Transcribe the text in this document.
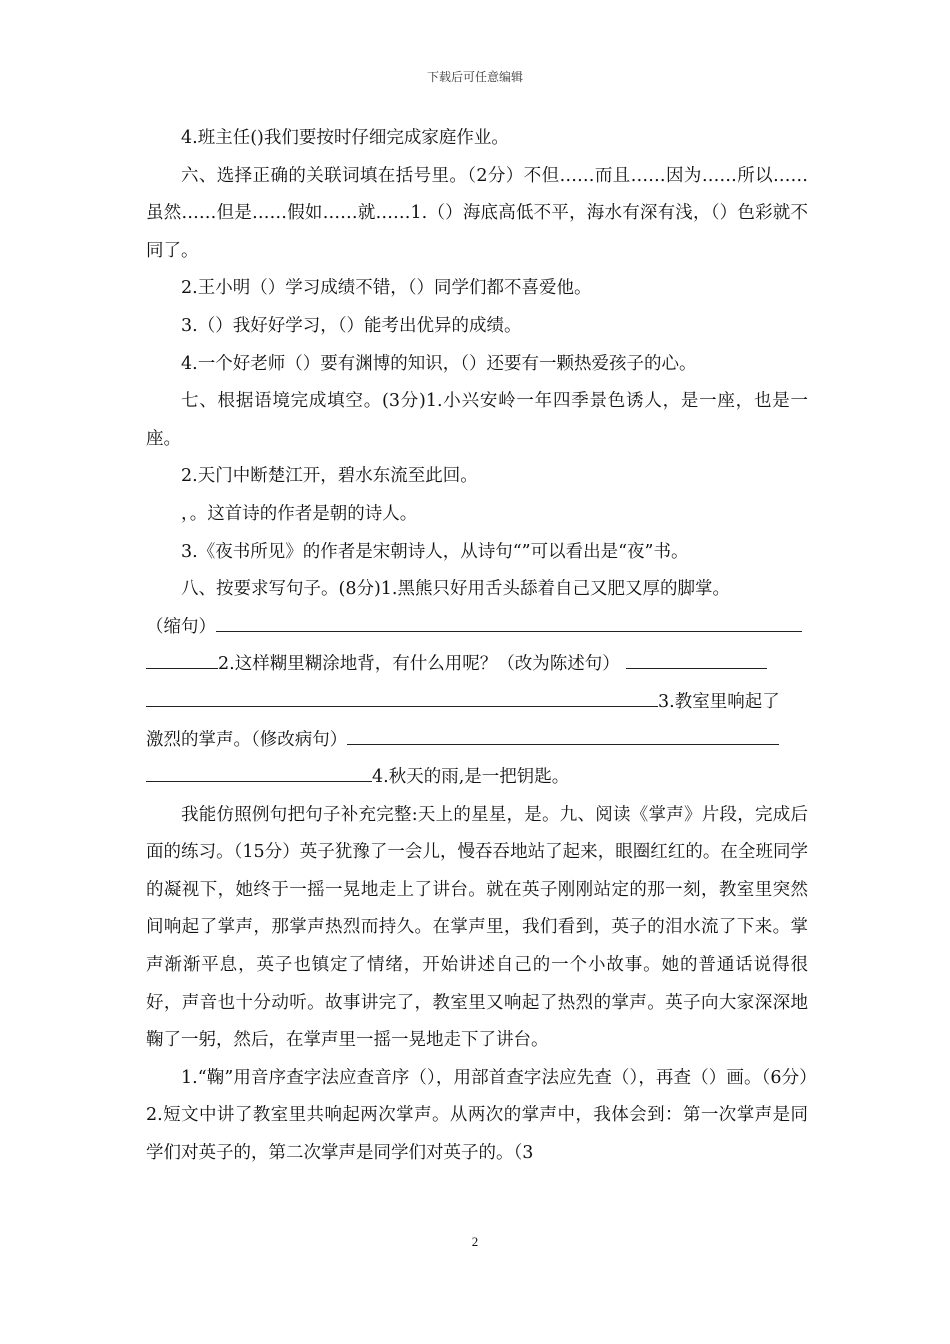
下载后可任意编辑

4.班主任()我们要按时仔细完成家庭作业。

六、选择正确的关联词填在括号里。（2分）不但……而且……因为……所以……虽然……但是……假如……就……1.（）海底高低不平，海水有深有浅，（）色彩就不同了。

2.王小明（）学习成绩不错，（）同学们都不喜爱他。

3.（）我好好学习，（）能考出优异的成绩。

4.一个好老师（）要有渊博的知识，（）还要有一颗热爱孩子的心。

七、根据语境完成填空。(3分)1.小兴安岭一年四季景色诱人，是一座，也是一座。

2.天门中断楚江开，碧水东流至此回。

，。这首诗的作者是朝的诗人。

3.《夜书所见》的作者是宋朝诗人，从诗句“”可以看出是“夜”书。

八、按要求写句子。(8分)1.黑熊只好用舌头舔着自己又肥又厚的脚掌。

（缩句）

2.这样糊里糊涂地背，有什么用呢？（改为陈述句）

3.教室里响起了

激烈的掌声。（修改病句）

4.秋天的雨,是一把钥匙。

我能仿照例句把句子补充完整:天上的星星，是。九、阅读《掌声》片段，完成后面的练习。（15分）英子犹豫了一会儿，慢吞吞地站了起来，眼圈红红的。在全班同学的凝视下，她终于一摇一晃地走上了讲台。就在英子刚刚站定的那一刻，教室里突然间响起了掌声，那掌声热烈而持久。在掌声里，我们看到，英子的泪水流了下来。掌声渐渐平息，英子也镇定了情绪，开始讲述自己的一个小故事。她的普通话说得很好，声音也十分动听。故事讲完了，教室里又响起了热烈的掌声。英子向大家深深地鞠了一躬，然后，在掌声里一摇一晃地走下了讲台。

1.“鞠”用音序查字法应查音序（），用部首查字法应先查（），再查（）画。（6分）2.短文中讲了教室里共响起两次掌声。从两次的掌声中，我体会到：第一次掌声是同学们对英子的，第二次掌声是同学们对英子的。（3

2
